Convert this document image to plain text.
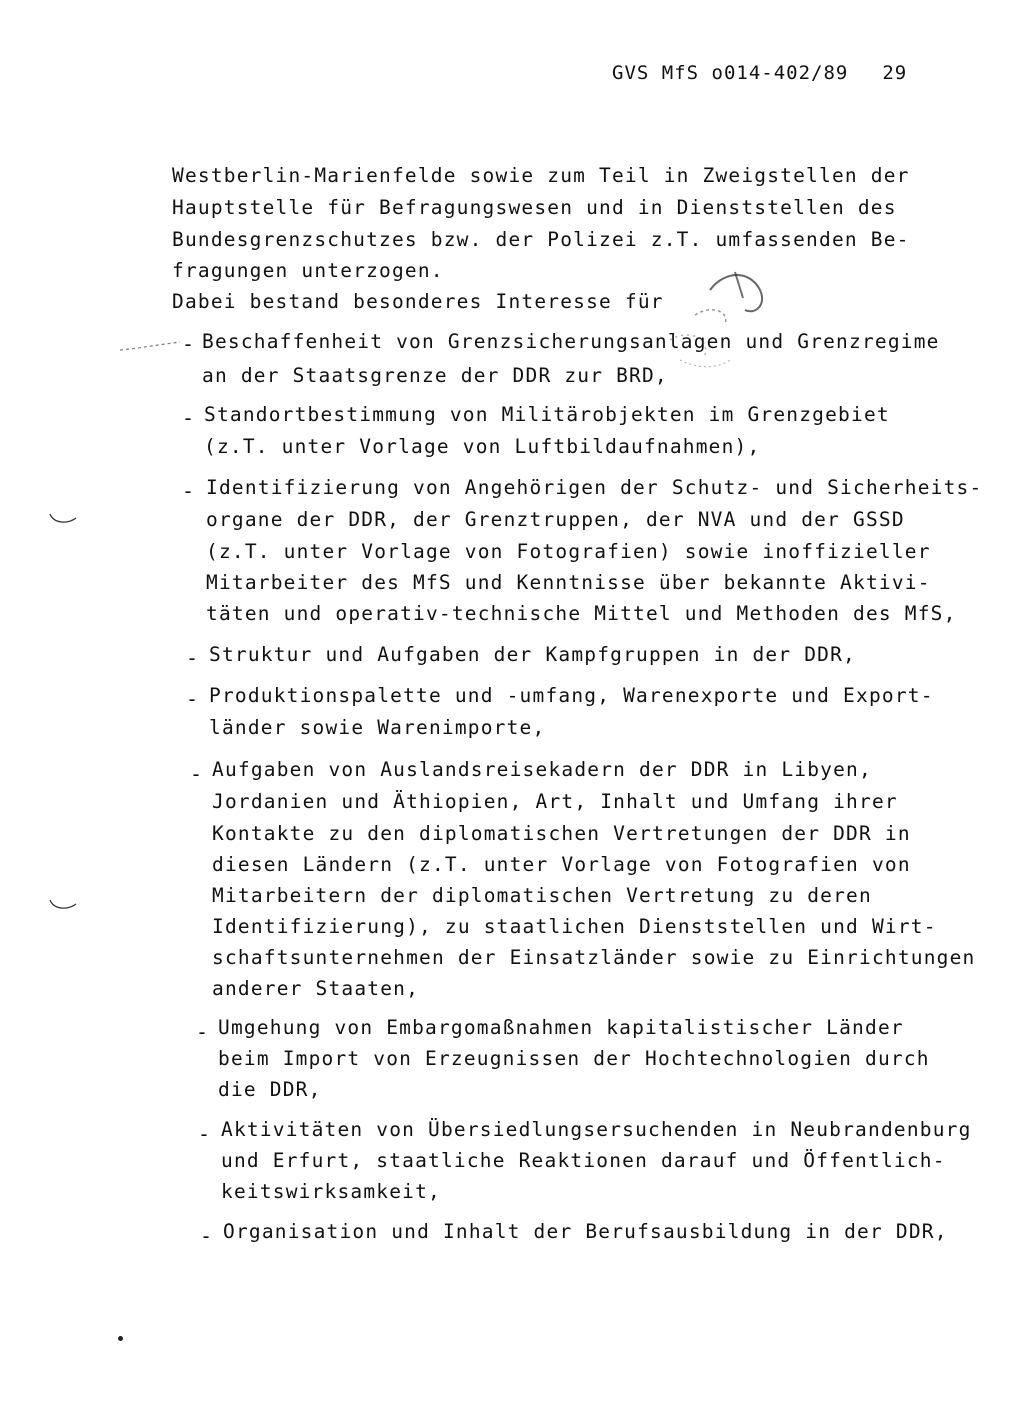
GVS MfS o014-402/89 29
Westberlin-Marienfelde sowie zum Teil in Zweigstellen der
Hauptstelle für Befragungswesen und in Dienststellen des
Bundesgrenzschutzes bzw. der Polizei z.T. umfassenden Be-
fragungen unterzogen.
Dabei bestand besonderes Interesse für
- Beschaffenheit von Grenzsicherungsanlagen und Grenzregime
an der Staatsgrenze der DDR zur BRD,
- Standortbestimmung von Militärobjekten im Grenzgebiet
(z.T. unter Vorlage von Luftbildaufnahmen),
- Identifizierung von Angehörigen der Schutz- und Sicherheits-
organe der DDR, der Grenztruppen, der NVA und der GSSD
(z.T. unter Vorlage von Fotografien) sowie inoffizieller
Mitarbeiter des MfS und Kenntnisse über bekannte Aktivi-
täten und operativ-technische Mittel und Methoden des MfS,
- Struktur und Aufgaben der Kampfgruppen in der DDR,
- Produktionspalette und -umfang, Warenexporte und Export-
länder sowie Warenimporte,
- Aufgaben von Auslandsreisekadern der DDR in Libyen,
Jordanien und Äthiopien, Art, Inhalt und Umfang ihrer
Kontakte zu den diplomatischen Vertretungen der DDR in
diesen Ländern (z.T. unter Vorlage von Fotografien von
Mitarbeitern der diplomatischen Vertretung zu deren
Identifizierung), zu staatlichen Dienststellen und Wirt-
schaftsunternehmen der Einsatzländer sowie zu Einrichtungen
anderer Staaten,
- Umgehung von Embargomaßnahmen kapitalistischer Länder
beim Import von Erzeugnissen der Hochtechnologien durch
die DDR,
- Aktivitäten von Übersiedlungsersuchenden in Neubrandenburg
und Erfurt, staatliche Reaktionen darauf und Öffentlich-
keitswirksamkeit,
- Organisation und Inhalt der Berufsausbildung in der DDR,
